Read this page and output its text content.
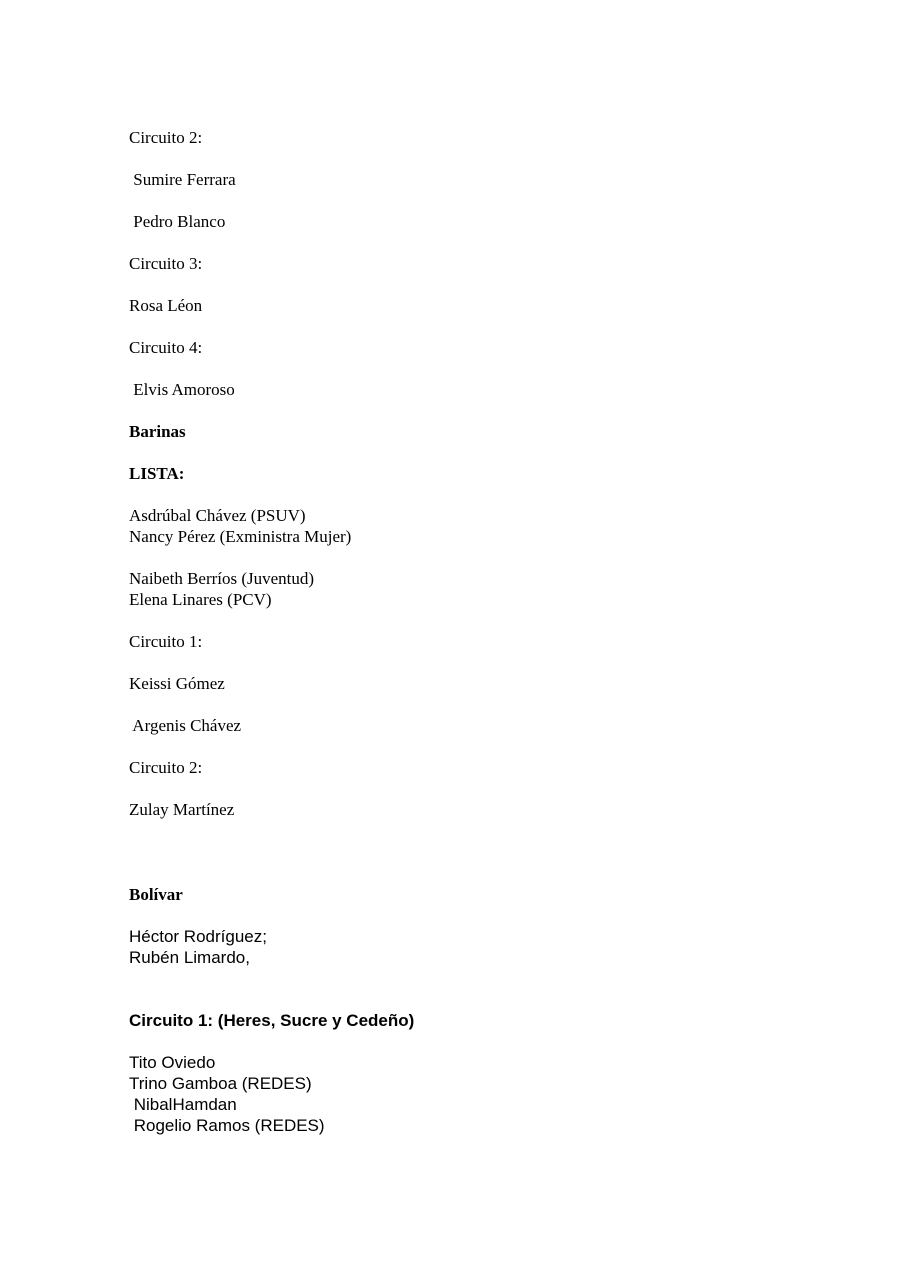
Circuito 2:
Sumire Ferrara
Pedro Blanco
Circuito 3:
Rosa Léon
Circuito 4:
Elvis Amoroso
Barinas
LISTA:
Asdrúbal Chávez (PSUV)
Nancy Pérez (Exministra Mujer)
Naibeth Berríos (Juventud)
Elena Linares (PCV)
Circuito 1:
Keissi Gómez
Argenis Chávez
Circuito 2:
Zulay Martínez
Bolívar
Héctor Rodríguez;
Rubén Limardo,
Circuito 1: (Heres, Sucre y Cedeño)
Tito Oviedo
Trino Gamboa (REDES)
NibalHamdan
Rogelio Ramos (REDES)
